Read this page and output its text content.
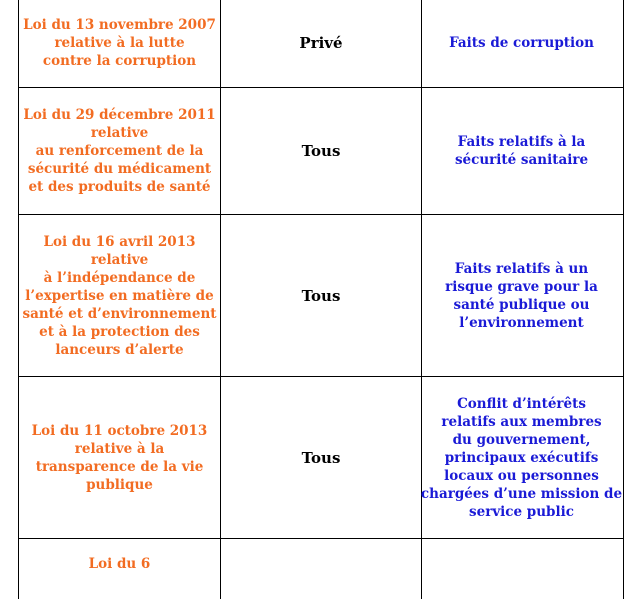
Loi du 13 novembre 2007
relative à la lutte
contre la corruption
Privé	Faits de corruption
Loi du 29 décembre 2011
relative
au renforcement de la
sécurité du médicament
et des produits de santé
Tous	Faits relatifs à la
sécurité sanitaire
Loi du 16 avril 2013
relative
à l’indépendance de
l’expertise en matière de
santé et d’environnement
et à la protection des
lanceurs d’alerte
Tous
Faits relatifs à un
risque grave pour la
santé publique ou
l’environnement
Loi du 11 octobre 2013
relative à la
transparence de la vie
publique
Tous
Conflit d’intérêts
relatifs aux membres
du gouvernement,
principaux exécutifs
locaux ou personnes
chargées d’une mission de
service public
Loi du 6
